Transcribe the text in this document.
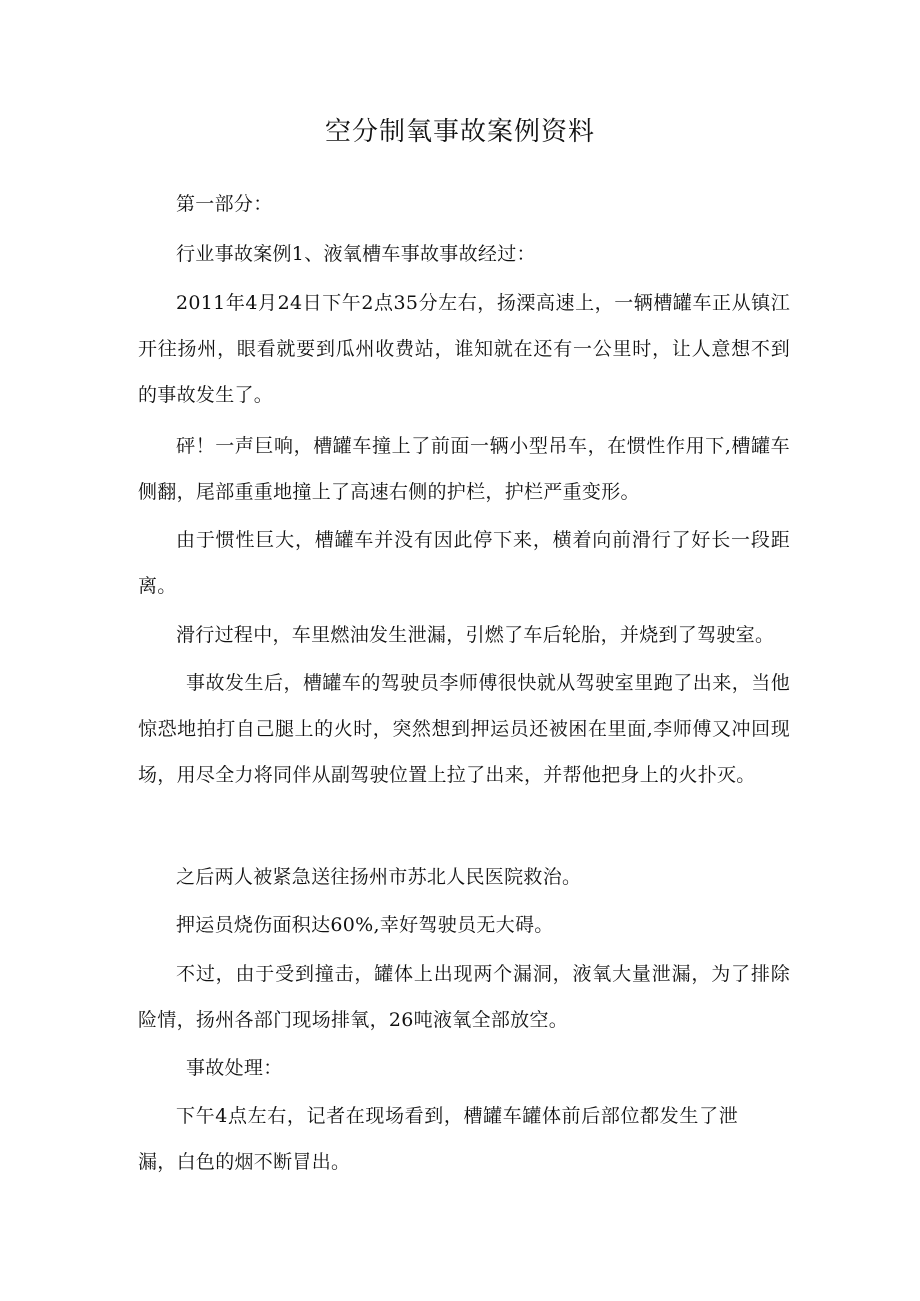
空分制氧事故案例资料

第一部分：

行业事故案例1、液氧槽车事故事故经过：

2011年4月24日下午2点35分左右，扬溧高速上，一辆槽罐车正从镇江开往扬州，眼看就要到瓜州收费站，谁知就在还有一公里时，让人意想不到的事故发生了。

砰！一声巨响，槽罐车撞上了前面一辆小型吊车，在惯性作用下,槽罐车侧翻，尾部重重地撞上了高速右侧的护栏，护栏严重变形。

由于惯性巨大，槽罐车并没有因此停下来，横着向前滑行了好长一段距离。

滑行过程中，车里燃油发生泄漏，引燃了车后轮胎，并烧到了驾驶室。

事故发生后，槽罐车的驾驶员李师傅很快就从驾驶室里跑了出来，当他惊恐地拍打自己腿上的火时，突然想到押运员还被困在里面,李师傅又冲回现场，用尽全力将同伴从副驾驶位置上拉了出来，并帮他把身上的火扑灭。

之后两人被紧急送往扬州市苏北人民医院救治。

押运员烧伤面积达60%,幸好驾驶员无大碍。

不过，由于受到撞击，罐体上出现两个漏洞，液氧大量泄漏，为了排除险情，扬州各部门现场排氧，26吨液氧全部放空。

事故处理：

下午4点左右，记者在现场看到，槽罐车罐体前后部位都发生了泄漏，白色的烟不断冒出。
